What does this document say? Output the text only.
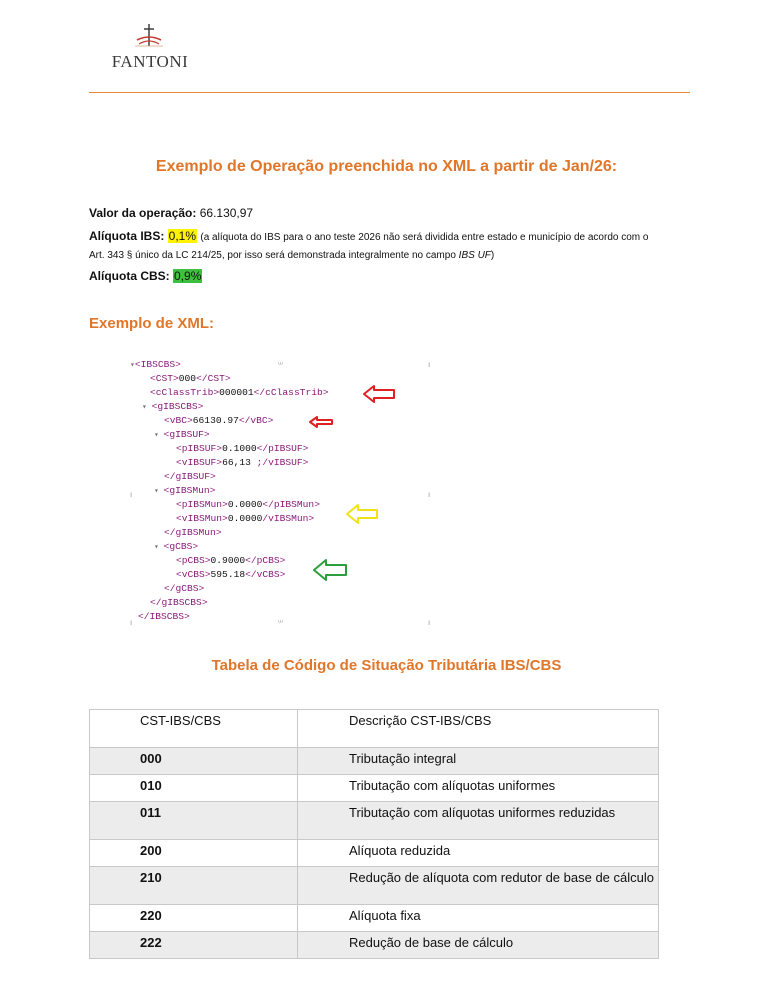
FANTONI
Exemplo de Operação preenchida no XML a partir de Jan/26:
Valor da operação: 66.130,97
Alíquota IBS: 0,1% (a alíquota do IBS para o ano teste 2026 não será dividida entre estado e município de acordo com o
Art. 343 § único da LC 214/25, por isso será demonstrada integralmente no campo IBS UF)
Alíquota CBS: 0,9%
Exemplo de XML:
▾<IBSCBS>
<CST>000</CST>
<cClassTrib>000001</cClassTrib>
▾ <gIBSCBS>
<vBC>66130.97</vBC>
▾ <gIBSUF>
<pIBSUF>0.1000</pIBSUF>
<vIBSUF>66,13 ;/vIBSUF>
</gIBSUF>
▾ <gIBSMun>
<pIBSMun>0.0000</pIBSMun>
<vIBSMun>0.0000/vIBSMun>
</gIBSMun>
▾ <gCBS>
<pCBS>0.9000</pCBS>
<vCBS>595.18</vCBS>
</gCBS>
</gIBSCBS>
</IBSCBS>
ᵚ	ı
ı	ı
ı	ᵚ	ı
Tabela de Código de Situação Tributária IBS/CBS
CST-IBS/CBS	Descrição CST-IBS/CBS

000	Tributação integral

010	Tributação com alíquotas uniformes

011	Tributação com alíquotas uniformes reduzidas

200	Alíquota reduzida

210	Redução de alíquota com redutor de base de cálculo

220	Alíquota fixa

222	Redução de base de cálculo
